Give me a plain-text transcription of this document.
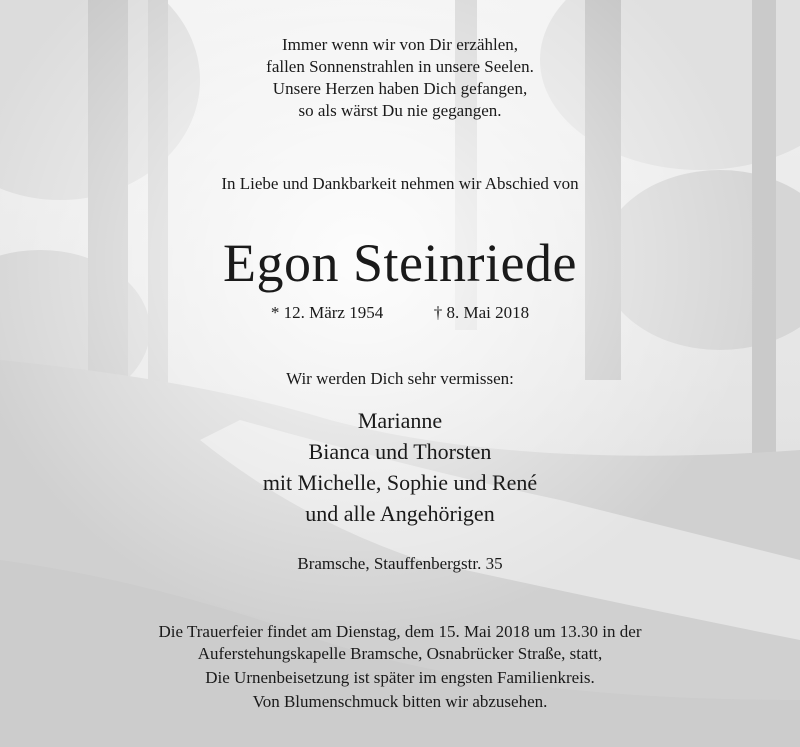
Immer wenn wir von Dir erzählen,
fallen Sonnenstrahlen in unsere Seelen.
Unsere Herzen haben Dich gefangen,
so als wärst Du nie gegangen.
In Liebe und Dankbarkeit nehmen wir Abschied von
Egon Steinriede
* 12. März 1954	† 8. Mai 2018
Wir werden Dich sehr vermissen:
Marianne
Bianca und Thorsten
mit Michelle, Sophie und René
und alle Angehörigen
Bramsche, Stauffenbergstr. 35
Die Trauerfeier findet am Dienstag, dem 15. Mai 2018 um 13.30 in der
Auferstehungskapelle Bramsche, Osnabrücker Straße, statt,
Die Urnenbeisetzung ist später im engsten Familienkreis.
Von Blumenschmuck bitten wir abzusehen.
